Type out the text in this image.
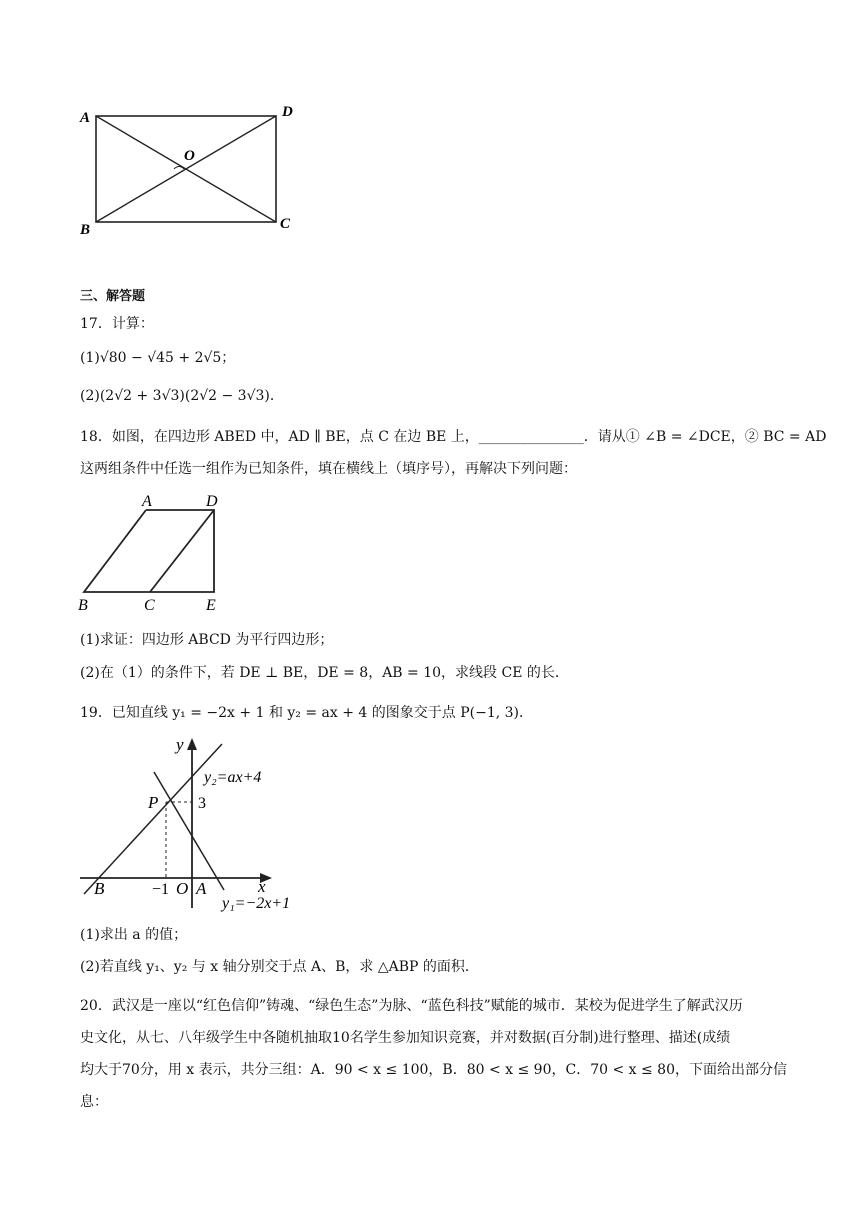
A	D
O
B	C
三、解答题
17．计算：
(1)√80 − √45 + 2√5；
(2)(2√2 + 3√3)(2√2 − 3√3)．
18．如图，在四边形 ABED 中，AD ∥ BE，点 C 在边 BE 上，_______________．请从① ∠B = ∠DCE，② BC = AD
这两组条件中任选一组作为已知条件，填在横线上（填序号），再解决下列问题：
A	D
B	C	E
(1)求证：四边形 ABCD 为平行四边形；
(2)在（1）的条件下，若 DE ⊥ BE，DE = 8，AB = 10，求线段 CE 的长．
19．已知直线 y₁ = −2x + 1 和 y₂ = ax + 4 的图象交于点 P(−1, 3)．
y
x
y₂=ax+4
y₁=−2x+1
P 3
B	−1 O A
(1)求出 a 的值；
(2)若直线 y₁、y₂ 与 x 轴分别交于点 A、B，求 △ABP 的面积．
20．武汉是一座以“红色信仰”铸魂、“绿色生态”为脉、“蓝色科技”赋能的城市．某校为促进学生了解武汉历
史文化，从七、八年级学生中各随机抽取10名学生参加知识竞赛，并对数据(百分制)进行整理、描述(成绩
均大于70分，用 x 表示，共分三组：A．90 < x ≤ 100，B．80 < x ≤ 90，C．70 < x ≤ 80，下面给出部分信
息：
